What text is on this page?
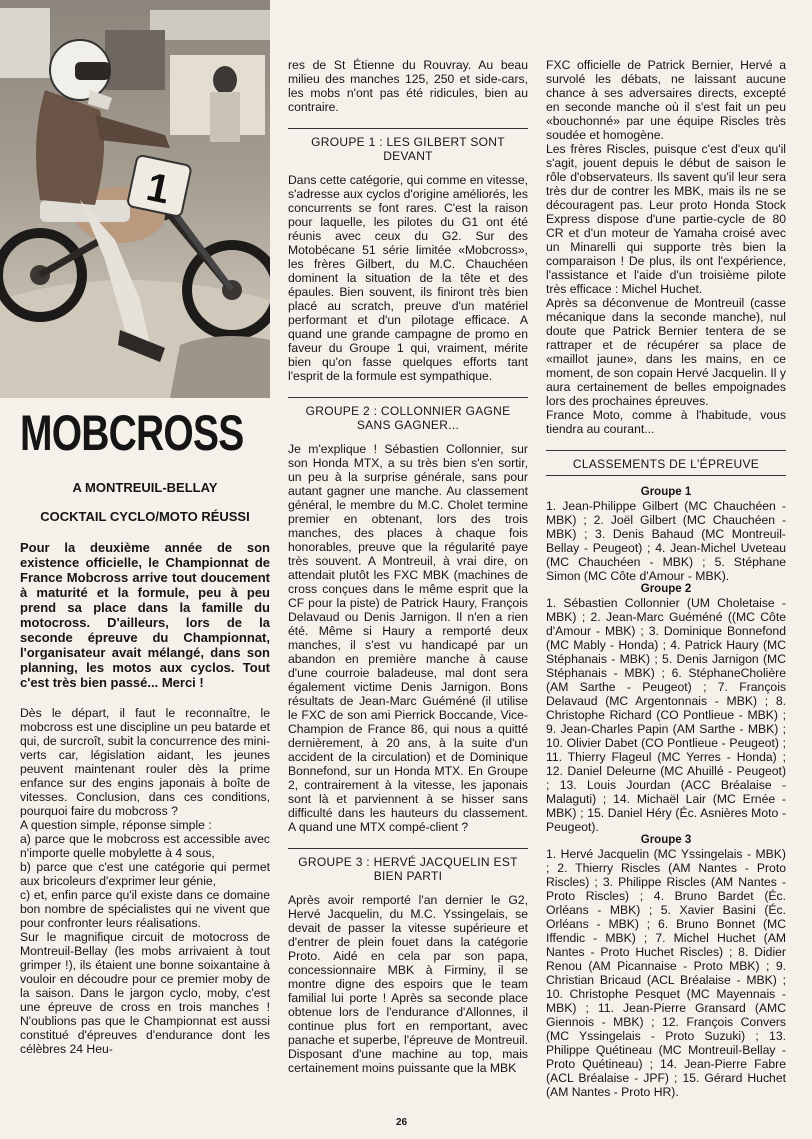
1
MOBCROSS
A MONTREUIL-BELLAY
COCKTAIL CYCLO/MOTO RÉUSSI

Pour la deuxième année de son existence officielle, le Championnat de France Mobcross arrive tout doucement à maturité et la formule, peu à peu prend sa place dans la famille du motocross. D'ailleurs, lors de la seconde épreuve du Championnat, l'organisateur avait mélangé, dans son planning, les motos aux cyclos. Tout c'est très bien passé... Merci !

Dès le départ, il faut le reconnaître, le mobcross est une discipline un peu batarde et qui, de surcroît, subit la concurrence des mini-verts car, législation aidant, les jeunes peuvent maintenant rouler dès la prime enfance sur des engins japonais à boîte de vitesses. Conclusion, dans ces conditions, pourquoi faire du mobcross ?

A question simple, réponse simple :

a) parce que le mobcross est accessible avec n'importe quelle mobylette à 4 sous,

b) parce que c'est une catégorie qui permet aux bricoleurs d'exprimer leur génie,

c) et, enfin parce qu'il existe dans ce domaine bon nombre de spécialistes qui ne vivent que pour confronter leurs réalisations.

Sur le magnifique circuit de motocross de Montreuil-Bellay (les mobs arrivaient à tout grimper !), ils étaient une bonne soixantaine à vouloir en découdre pour ce premier moby de la saison. Dans le jargon cyclo, moby, c'est une épreuve de cross en trois manches ! N'oublions pas que le Championnat est aussi constitué d'épreuves d'endurance dont les célèbres 24 Heu-

res de St Étienne du Rouvray. Au beau milieu des manches 125, 250 et side-cars, les mobs n'ont pas été ridicules, bien au contraire.

GROUPE 1 : LES GILBERT SONT DEVANT

Dans cette catégorie, qui comme en vitesse, s'adresse aux cyclos d'origine améliorés, les concurrents se font rares. C'est la raison pour laquelle, les pilotes du G1 ont été réunis avec ceux du G2. Sur des Motobécane 51 série limitée «Mobcross», les frères Gilbert, du M.C. Chauchéen dominent la situation de la tête et des épaules. Bien souvent, ils finiront très bien placé au scratch, preuve d'un matériel performant et d'un pilotage efficace. A quand une grande campagne de promo en faveur du Groupe 1 qui, vraiment, mérite bien qu'on fasse quelques efforts tant l'esprit de la formule est sympathique.

GROUPE 2 : COLLONNIER GAGNE SANS GAGNER...

Je m'explique ! Sébastien Collonnier, sur son Honda MTX, a su très bien s'en sortir, un peu à la surprise générale, sans pour autant gagner une manche. Au classement général, le membre du M.C. Cholet termine premier en obtenant, lors des trois manches, des places à chaque fois honorables, preuve que la régularité paye très souvent. A Montreuil, à vrai dire, on attendait plutôt les FXC MBK (machines de cross conçues dans le même esprit que la CF pour la piste) de Patrick Haury, François Delavaud ou Denis Jarnigon. Il n'en a rien été. Même si Haury a remporté deux manches, il s'est vu handicapé par un abandon en première manche à cause d'une courroie baladeuse, mal dont sera également victime Denis Jarnigon. Bons résultats de Jean-Marc Guéméné (il utilise le FXC de son ami Pierrick Boccande, Vice-Champion de France 86, qui nous a quitté dernièrement, à 20 ans, à la suite d'un accident de la circulation) et de Dominique Bonnefond, sur un Honda MTX. En Groupe 2, contrairement à la vitesse, les japonais sont là et parviennent à se hisser sans difficulté dans les hauteurs du classement. A quand une MTX compé-client ?

GROUPE 3 : HERVÉ JACQUELIN EST BIEN PARTI

Après avoir remporté l'an dernier le G2, Hervé Jacquelin, du M.C. Yssingelais, se devait de passer la vitesse supérieure et d'entrer de plein fouet dans la catégorie Proto. Aidé en cela par son papa, concessionnaire MBK à Firminy, il se montre digne des espoirs que le team familial lui porte ! Après sa seconde place obtenue lors de l'endurance d'Allonnes, il continue plus fort en remportant, avec panache et superbe, l'épreuve de Montreuil. Disposant d'une machine au top, mais certainement moins puissante que la MBK

FXC officielle de Patrick Bernier, Hervé a survolé les débats, ne laissant aucune chance à ses adversaires directs, excepté en seconde manche où il s'est fait un peu «bouchonné» par une équipe Riscles très soudée et homogène.

Les frères Riscles, puisque c'est d'eux qu'il s'agit, jouent depuis le début de saison le rôle d'observateurs. Ils savent qu'il leur sera très dur de contrer les MBK, mais ils ne se découragent pas. Leur proto Honda Stock Express dispose d'une partie-cycle de 80 CR et d'un moteur de Yamaha croisé avec un Minarelli qui supporte très bien la comparaison ! De plus, ils ont l'expérience, l'assistance et l'aide d'un troisième pilote très efficace : Michel Huchet.

Après sa déconvenue de Montreuil (casse mécanique dans la seconde manche), nul doute que Patrick Bernier tentera de se rattraper et de récupérer sa place de «maillot jaune», dans les mains, en ce moment, de son copain Hervé Jacquelin. Il y aura certainement de belles empoignades lors des prochaines épreuves.

France Moto, comme à l'habitude, vous tiendra au courant...

CLASSEMENTS DE L'ÉPREUVE
Groupe 1

1. Jean-Philippe Gilbert (MC Chauchéen - MBK) ; 2. Joël Gilbert (MC Chauchéen - MBK) ; 3. Denis Bahaud (MC Montreuil-Bellay - Peugeot) ; 4. Jean-Michel Uveteau (MC Chauchéen - MBK) ; 5. Stéphane Simon (MC Côte d'Amour - MBK).

Groupe 2

1. Sébastien Collonnier (UM Choletaise - MBK) ; 2. Jean-Marc Guéméné ((MC Côte d'Amour - MBK) ; 3. Dominique Bonnefond (MC Mably - Honda) ; 4. Patrick Haury (MC Stéphanais - MBK) ; 5. Denis Jarnigon (MC Stéphanais - MBK) ; 6. StéphaneCholière (AM Sarthe - Peugeot) ; 7. François Delavaud (MC Argentonnais - MBK) ; 8. Christophe Richard (CO Pontlieue - MBK) ; 9. Jean-Charles Papin (AM Sarthe - MBK) ; 10. Olivier Dabet (CO Pontlieue - Peugeot) ; 11. Thierry Flageul (MC Yerres - Honda) ; 12. Daniel Deleurne (MC Ahuillé - Peugeot) ; 13. Louis Jourdan (ACC Bréalaise - Malaguti) ; 14. Michaël Lair (MC Ernée - MBK) ; 15. Daniel Héry (Éc. Asnières Moto - Peugeot).

Groupe 3

1. Hervé Jacquelin (MC Yssingelais - MBK) ; 2. Thierry Riscles (AM Nantes - Proto Riscles) ; 3. Philippe Riscles (AM Nantes - Proto Riscles) ; 4. Bruno Bardet (Éc. Orléans - MBK) ; 5. Xavier Basini (Éc. Orléans - MBK) ; 6. Bruno Bonnet (MC Iffendic - MBK) ; 7. Michel Huchet (AM Nantes - Proto Huchet Riscles) ; 8. Didier Renou (AM Picannaise - Proto MBK) ; 9. Christian Bricaud (ACL Bréalaise - MBK) ; 10. Christophe Pesquet (MC Mayennais - MBK) ; 11. Jean-Pierre Gransard (AMC Giennois - MBK) ; 12. François Convers (MC Yssingelais - Proto Suzuki) ; 13. Philippe Quétineau (MC Montreuil-Bellay - Proto Quétineau) ; 14. Jean-Pierre Fabre (ACL Bréalaise - JPF) ; 15. Gérard Huchet (AM Nantes - Proto HR).

26
